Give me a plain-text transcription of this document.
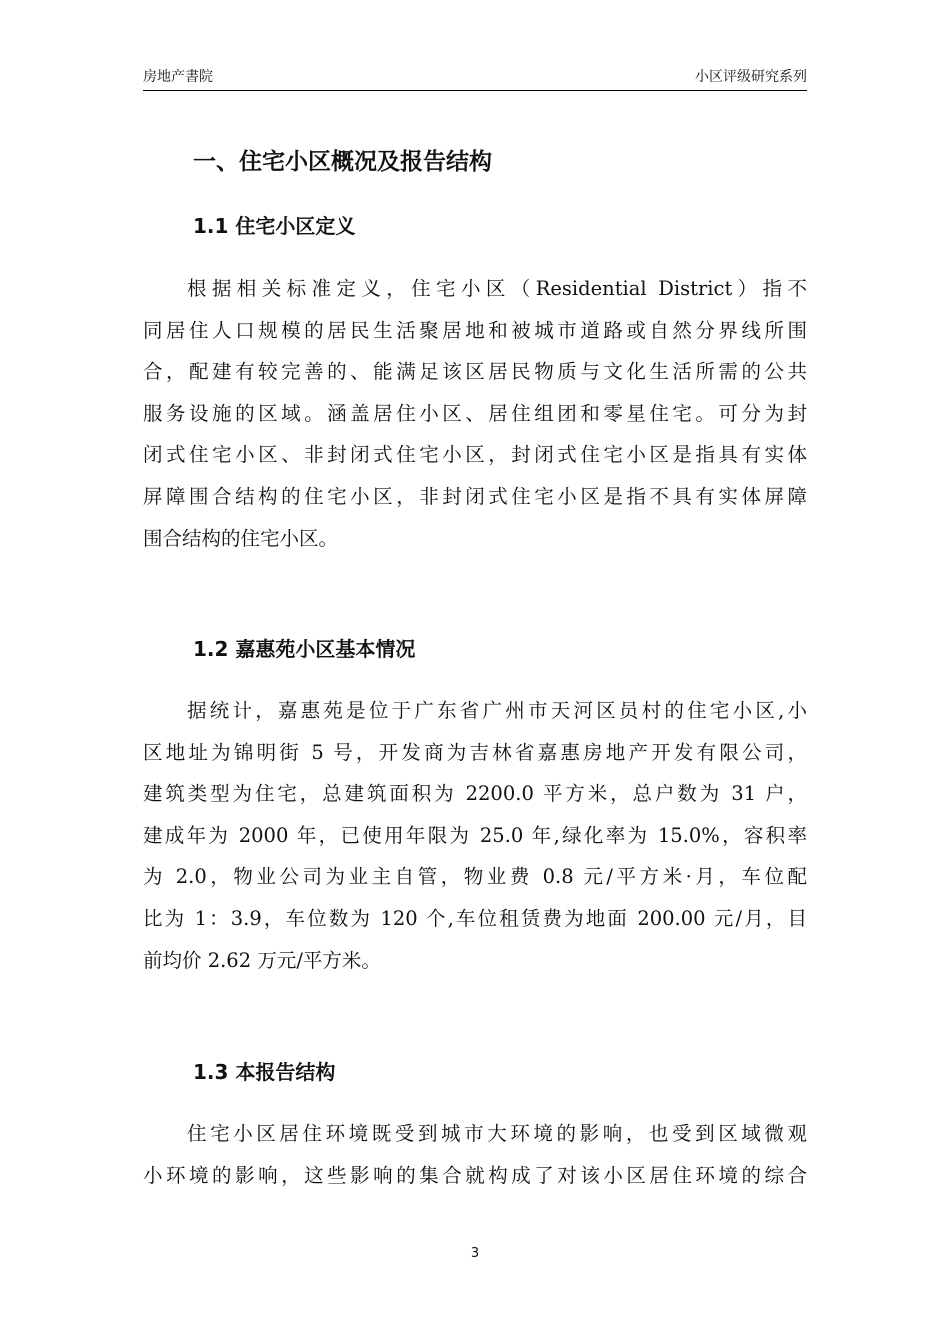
房地产書院	小区评级研究系列
一、住宅小区概况及报告结构
1.1 住宅小区定义
根据相关标准定义，住宅小区（Residential District）指不
同居住人口规模的居民生活聚居地和被城市道路或自然分界线所围
合，配建有较完善的、能满足该区居民物质与文化生活所需的公共
服务设施的区域。涵盖居住小区、居住组团和零星住宅。可分为封
闭式住宅小区、非封闭式住宅小区，封闭式住宅小区是指具有实体
屏障围合结构的住宅小区，非封闭式住宅小区是指不具有实体屏障
围合结构的住宅小区。
1.2 嘉惠苑小区基本情况
据统计，嘉惠苑是位于广东省广州市天河区员村的住宅小区,小
区地址为锦明街 5 号，开发商为吉林省嘉惠房地产开发有限公司，
建筑类型为住宅，总建筑面积为 2200.0 平方米，总户数为 31 户，
建成年为 2000 年，已使用年限为 25.0 年,绿化率为 15.0%，容积率
为 2.0，物业公司为业主自管，物业费 0.8 元/平方米·月，车位配
比为 1：3.9，车位数为 120 个,车位租赁费为地面 200.00 元/月，目
前均价 2.62 万元/平方米。
1.3 本报告结构
住宅小区居住环境既受到城市大环境的影响，也受到区域微观
小环境的影响，这些影响的集合就构成了对该小区居住环境的综合
3
